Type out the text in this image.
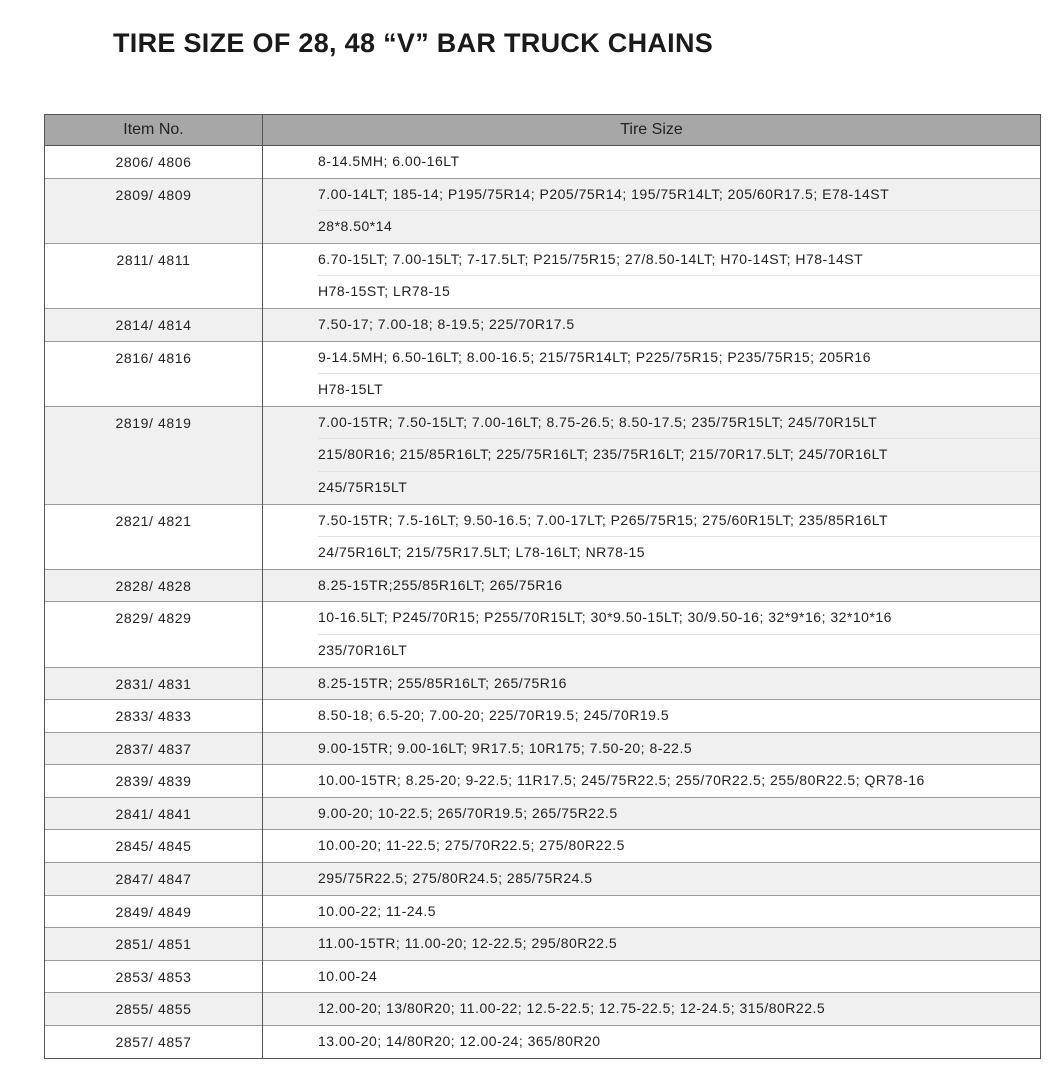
TIRE SIZE OF 28, 48 “V” BAR TRUCK CHAINS
Item No.	Tire Size
2806/ 4806	8-14.5MH; 6.00-16LT

2809/ 4809	7.00-14LT; 185-14; P195/75R14; P205/75R14; 195/75R14LT; 205/60R17.5; E78-14ST
28*8.50*14

2811/ 4811	6.70-15LT; 7.00-15LT; 7-17.5LT; P215/75R15; 27/8.50-14LT; H70-14ST; H78-14ST
H78-15ST; LR78-15

2814/ 4814	7.50-17; 7.00-18; 8-19.5; 225/70R17.5

2816/ 4816	9-14.5MH; 6.50-16LT; 8.00-16.5; 215/75R14LT; P225/75R15; P235/75R15; 205R16
H78-15LT

2819/ 4819	7.00-15TR; 7.50-15LT; 7.00-16LT; 8.75-26.5; 8.50-17.5; 235/75R15LT; 245/70R15LT
215/80R16; 215/85R16LT; 225/75R16LT; 235/75R16LT; 215/70R17.5LT; 245/70R16LT
245/75R15LT

2821/ 4821	7.50-15TR; 7.5-16LT; 9.50-16.5; 7.00-17LT; P265/75R15; 275/60R15LT; 235/85R16LT
24/75R16LT; 215/75R17.5LT; L78-16LT; NR78-15

2828/ 4828	8.25-15TR;255/85R16LT; 265/75R16

2829/ 4829	10-16.5LT; P245/70R15; P255/70R15LT; 30*9.50-15LT; 30/9.50-16; 32*9*16; 32*10*16
235/70R16LT

2831/ 4831	8.25-15TR; 255/85R16LT; 265/75R16

2833/ 4833	8.50-18; 6.5-20; 7.00-20; 225/70R19.5; 245/70R19.5

2837/ 4837	9.00-15TR; 9.00-16LT; 9R17.5; 10R175; 7.50-20; 8-22.5

2839/ 4839	10.00-15TR; 8.25-20; 9-22.5; 11R17.5; 245/75R22.5; 255/70R22.5; 255/80R22.5; QR78-16

2841/ 4841	9.00-20; 10-22.5; 265/70R19.5; 265/75R22.5

2845/ 4845	10.00-20; 11-22.5; 275/70R22.5; 275/80R22.5

2847/ 4847	295/75R22.5; 275/80R24.5; 285/75R24.5

2849/ 4849	10.00-22; 11-24.5

2851/ 4851	11.00-15TR; 11.00-20; 12-22.5; 295/80R22.5

2853/ 4853	10.00-24

2855/ 4855	12.00-20; 13/80R20; 11.00-22; 12.5-22.5; 12.75-22.5; 12-24.5; 315/80R22.5

2857/ 4857	13.00-20; 14/80R20; 12.00-24; 365/80R20
